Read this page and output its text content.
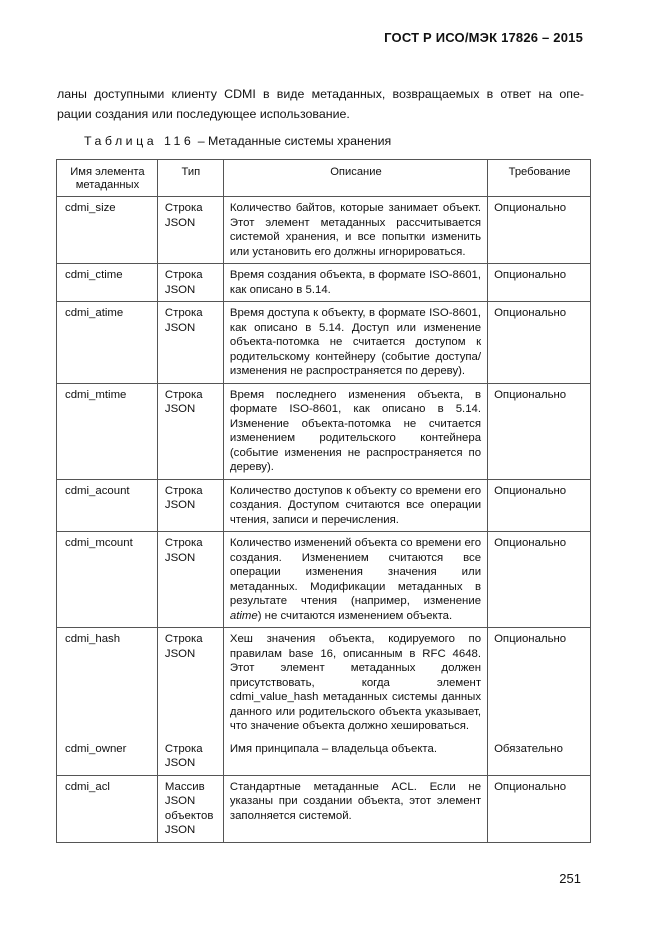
ГОСТ Р ИСО/МЭК 17826 – 2015

ланы доступными клиенту CDMI в виде метаданных, возвращаемых в ответ на опе-

рации создания или последующее использование.

Таблица 116 – Метаданные системы хранения
Имя элемента метаданных	Тип	Описание	Требование
cdmi_size	Строка JSON	Количество байтов, которые занимает объект. Этот элемент метаданных рассчитывается системой хранения, и все попытки изменить или установить его должны игнорироваться.	Опционально
cdmi_ctime	Строка JSON	Время создания объекта, в формате ISO-8601, как описано в 5.14.	Опционально
cdmi_atime	Строка JSON	Время доступа к объекту, в формате ISO-8601, как описано в 5.14. Доступ или изменение объекта-потомка не считается доступом к родительскому контейнеру (событие доступа/изменения не распространяется по дереву).	Опционально
cdmi_mtime	Строка JSON	Время последнего изменения объекта, в формате ISO-8601, как описано в 5.14. Изменение объекта-потомка не считается изменением родительского контейнера (событие изменения не распространяется по дереву).	Опционально
cdmi_acount	Строка JSON	Количество доступов к объекту со времени его создания. Доступом считаются все операции чтения, записи и перечисления.	Опционально
cdmi_mcount	Строка JSON	Количество изменений объекта со времени его создания. Изменением считаются все операции изменения значения или метаданных. Модификации метаданных в результате чтения (например, изменение atime) не считаются изменением объекта.	Опционально
cdmi_hash	Строка JSON	Хеш значения объекта, кодируемого по правилам base 16, описанным в RFC 4648. Этот элемент метаданных должен присутствовать, когда элемент cdmi_value_hash метаданных системы данных данного или родительского объекта указывает, что значение объекта должно хешироваться.	Опционально
cdmi_owner	Строка JSON	Имя принципала – владельца объекта.	Обязательно
cdmi_acl	Массив JSON объектов JSON	Стандартные метаданные ACL. Если не указаны при создании объекта, этот элемент заполняется системой.	Опционально
251
